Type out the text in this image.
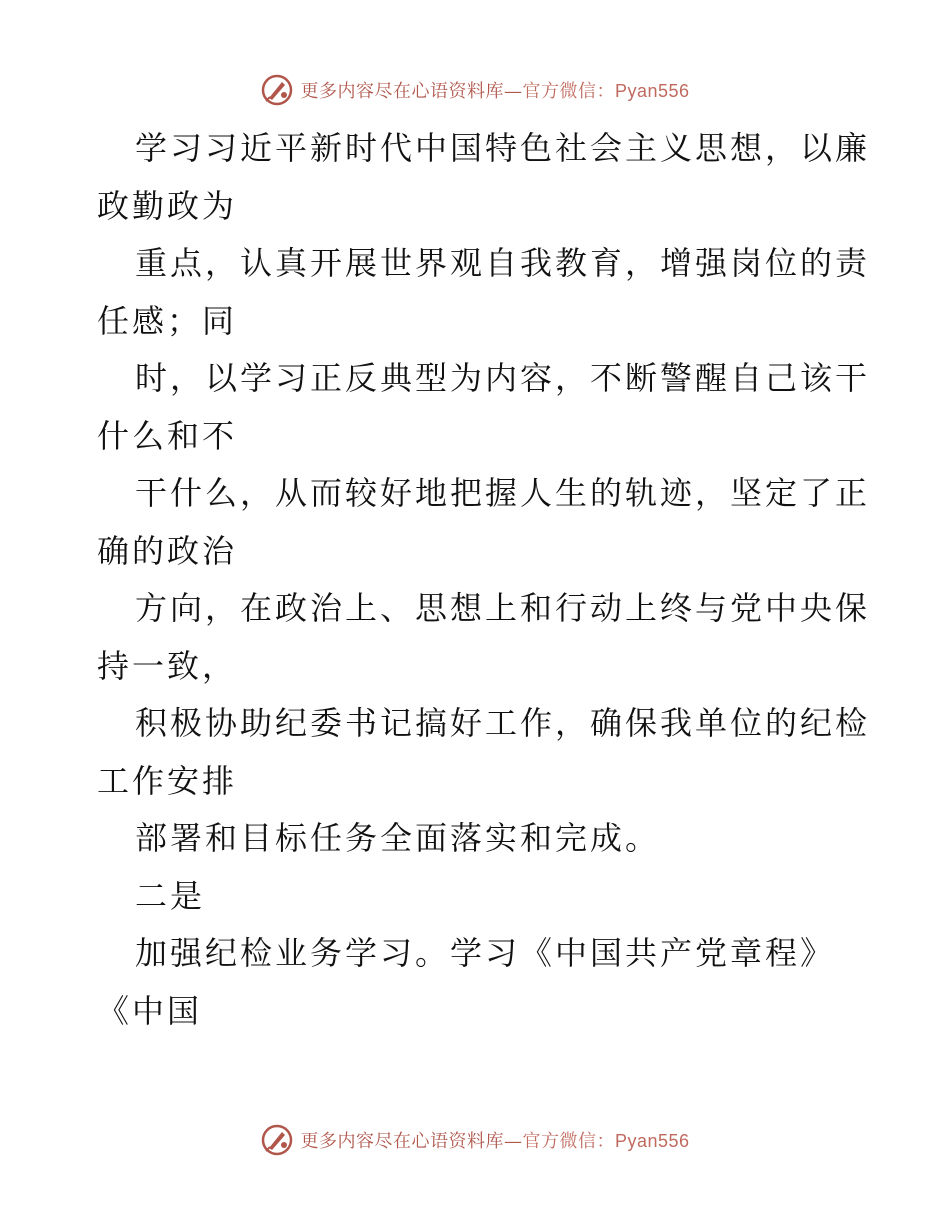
更多内容尽在心语资料库—官方微信：Pyan556
学习习近平新时代中国特色社会主义思想，以廉
政勤政为
重点，认真开展世界观自我教育，增强岗位的责
任感；同
时，以学习正反典型为内容，不断警醒自己该干
什么和不
干什么，从而较好地把握人生的轨迹，坚定了正
确的政治
方向，在政治上、思想上和行动上终与党中央保
持一致，
积极协助纪委书记搞好工作，确保我单位的纪检
工作安排
部署和目标任务全面落实和完成。
二是
加强纪检业务学习。学习《中国共产党章程》
《中国
更多内容尽在心语资料库—官方微信：Pyan556
